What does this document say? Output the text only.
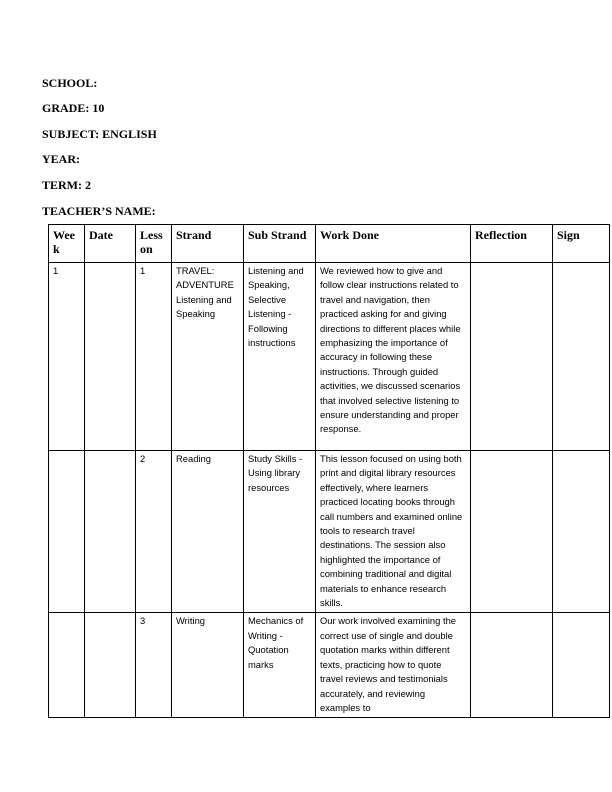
SCHOOL:
GRADE: 10
SUBJECT: ENGLISH
YEAR:
TERM: 2
TEACHER’S NAME:
Wee k	Date	Less on	Strand	Sub Strand	Work Done	Reflection	Sign
1		1	TRAVEL: ADVENTURE Listening and Speaking	Listening and Speaking, Selective Listening - Following instructions	We reviewed how to give and follow clear instructions related to travel and navigation, then practiced asking for and giving directions to different places while emphasizing the importance of accuracy in following these instructions. Through guided activities, we discussed scenarios that involved selective listening to ensure understanding and proper response.		
		2	Reading	Study Skills - Using library resources	This lesson focused on using both print and digital library resources effectively, where learners practiced locating books through call numbers and examined online tools to research travel destinations. The session also highlighted the importance of combining traditional and digital materials to enhance research skills.		
		3	Writing	Mechanics of Writing - Quotation marks	Our work involved examining the correct use of single and double quotation marks within different texts, practicing how to quote travel reviews and testimonials accurately, and reviewing examples to		
